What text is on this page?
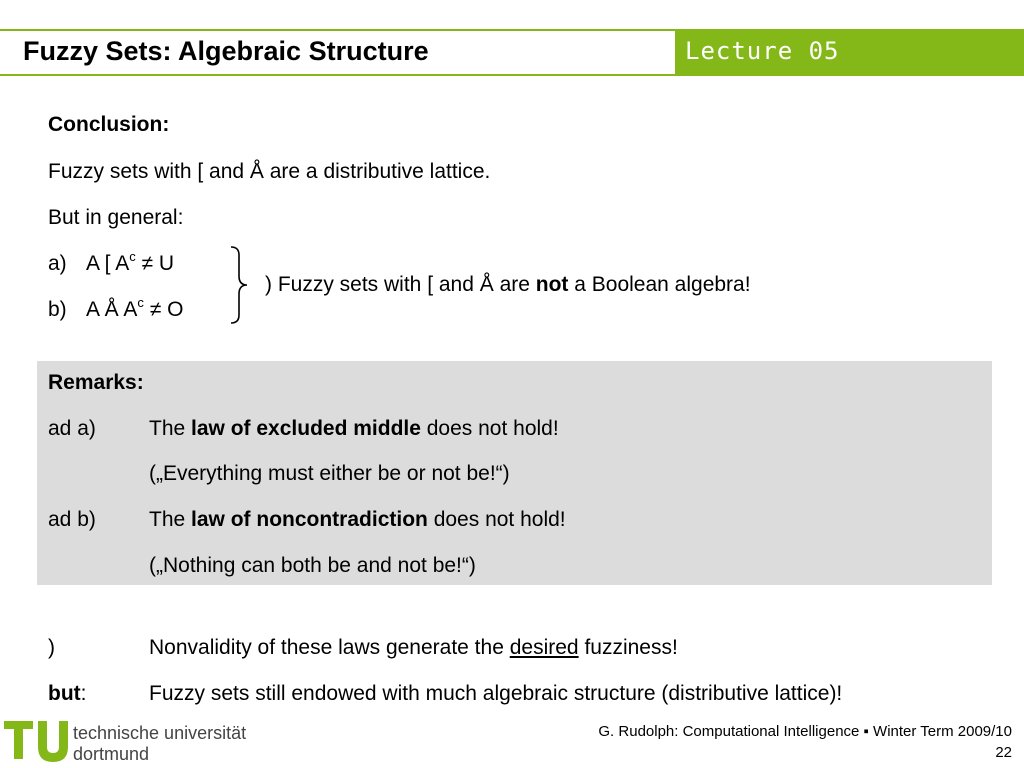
Fuzzy Sets: Algebraic Structure	Lecture 05
Conclusion:
Fuzzy sets with [ and Å are a distributive lattice.
But in general:
a) A [ $A^c \ne U$
b) A Å $A^c \ne O$
) Fuzzy sets with [ and Å are not a Boolean algebra!
Remarks:
ad a)	The law of excluded middle does not hold!
(„Everything must either be or not be!“)
ad b)	The law of noncontradiction does not hold!
(„Nothing can both be and not be!“)
)	Nonvalidity of these laws generate the desired fuzziness!
but:	Fuzzy sets still endowed with much algebraic structure (distributive lattice)!
technische universität
dortmund
G. Rudolph: Computational Intelligence ▪ Winter Term 2009/10
22
